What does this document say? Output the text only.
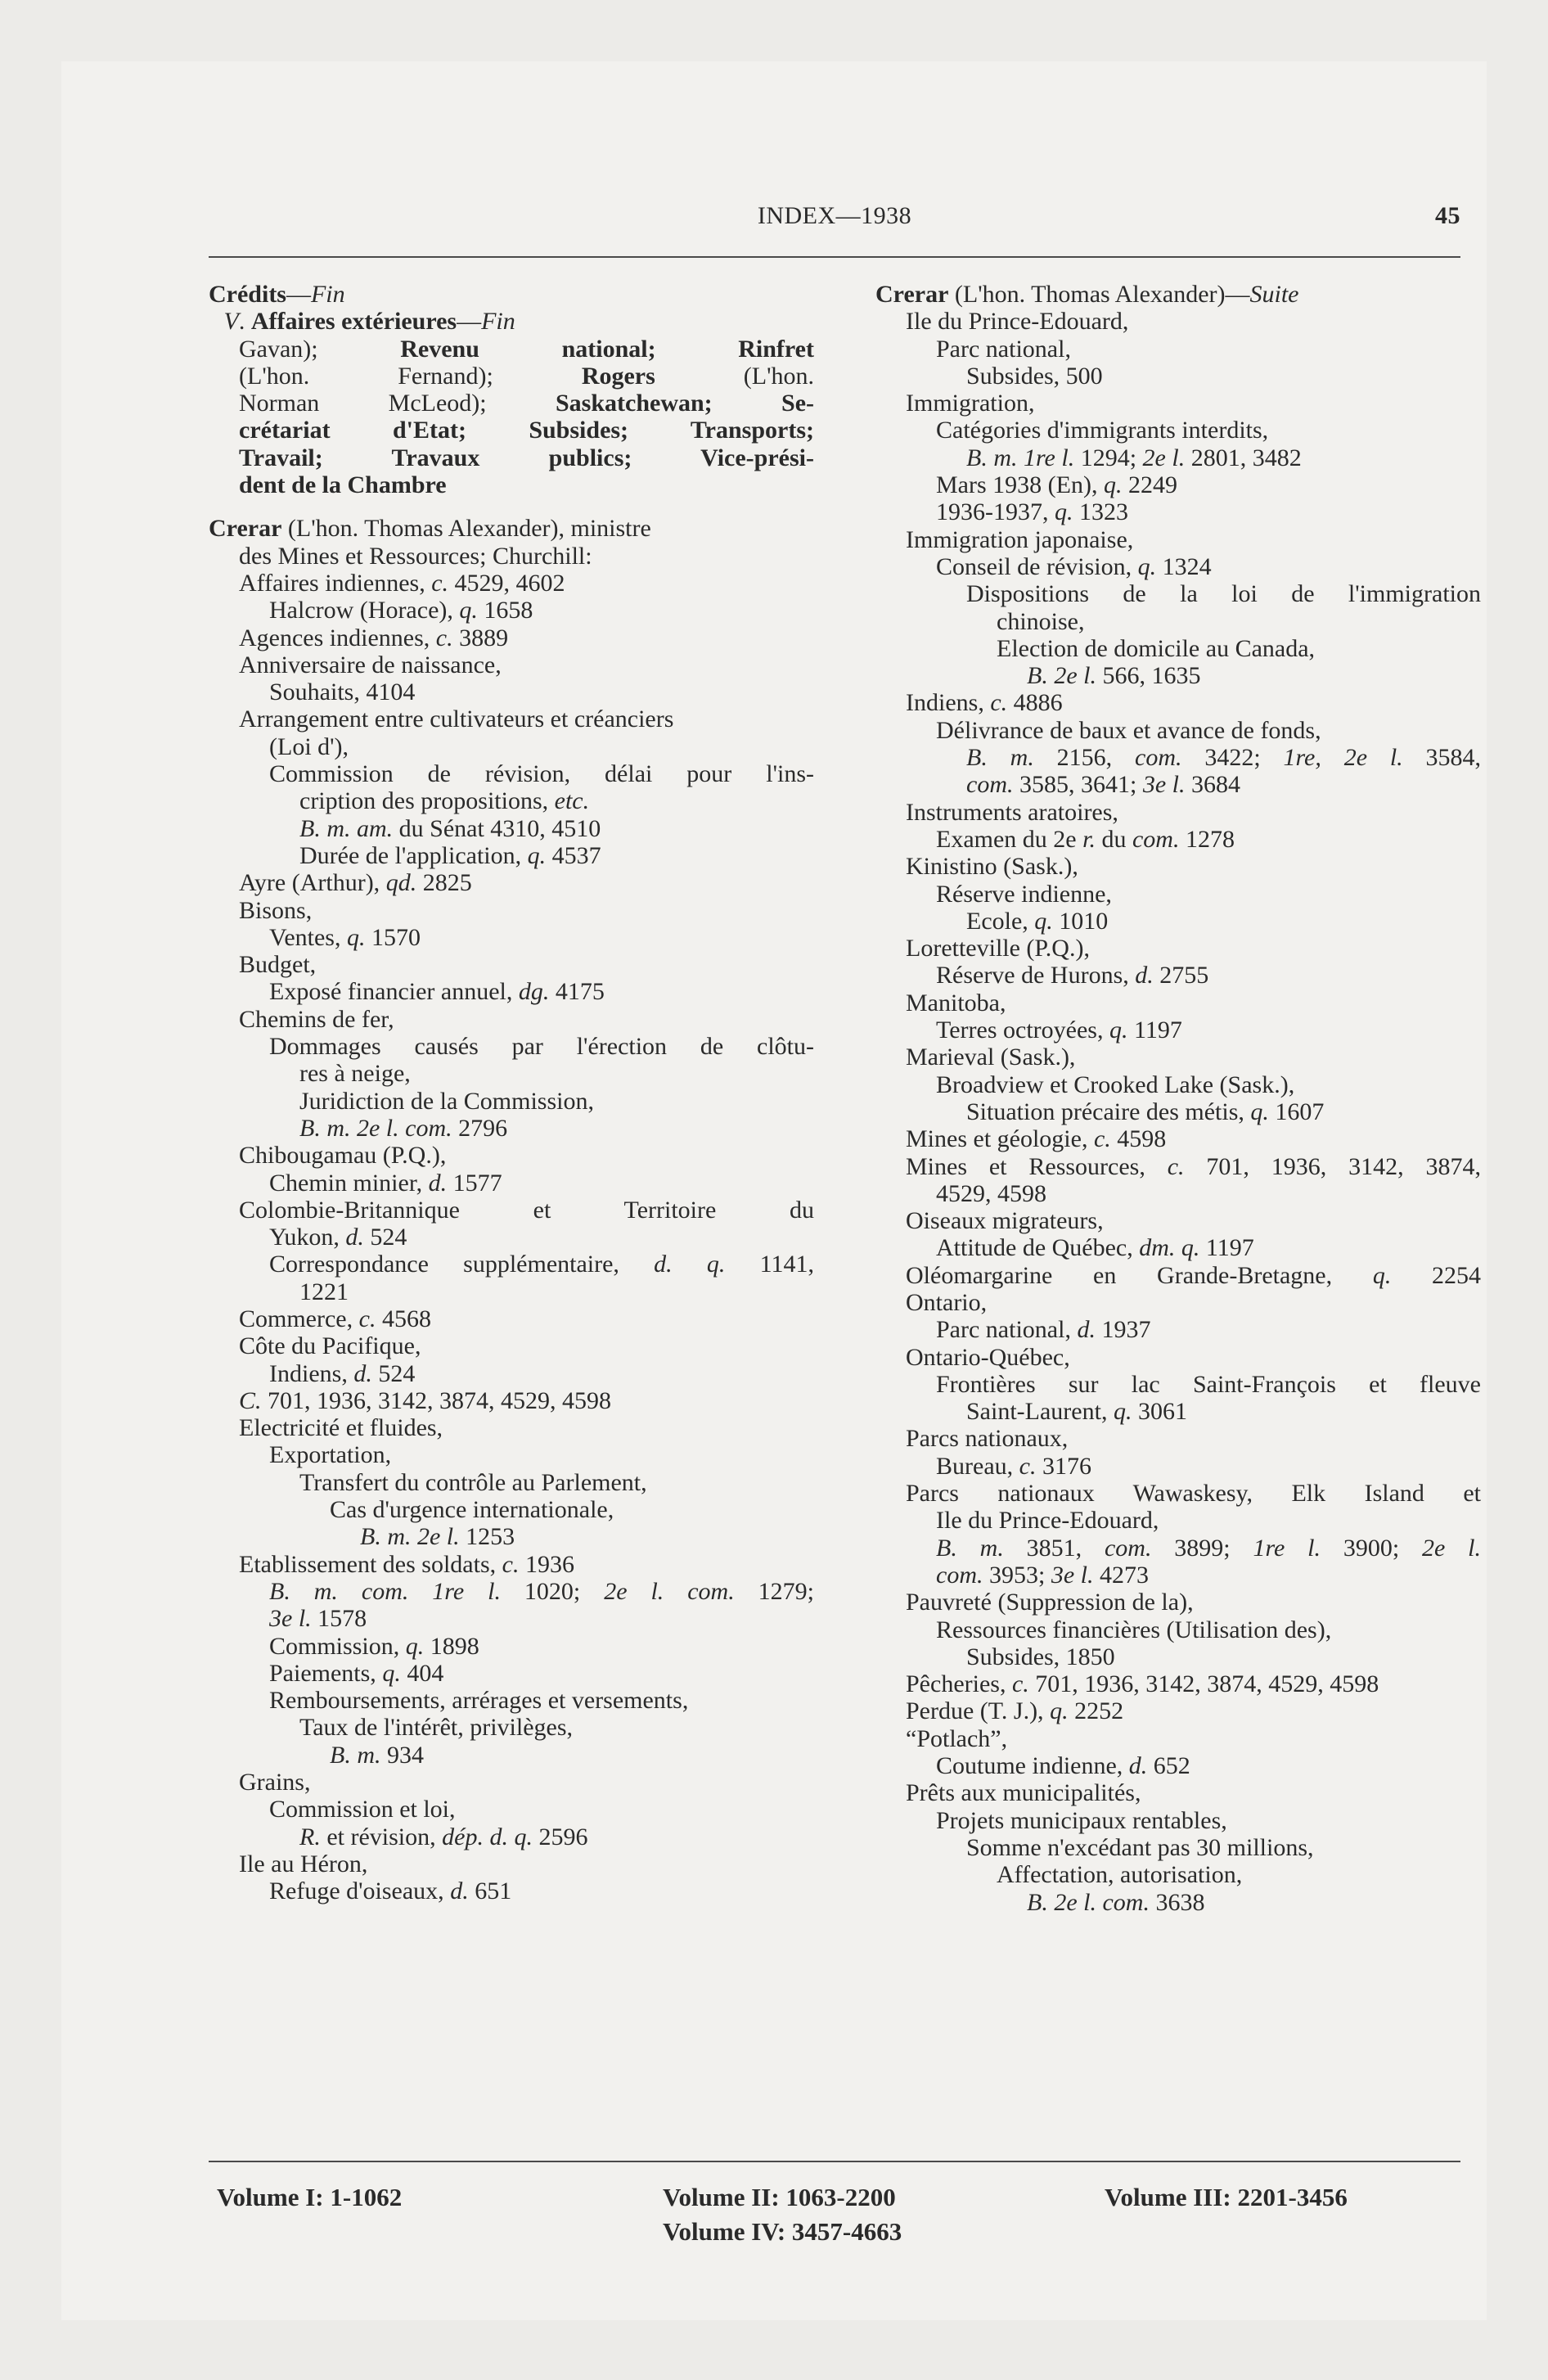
INDEX—1938	45
Crédits—Fin
V. Affaires extérieures—Fin
Gavan); Revenu national; Rinfret
(L'hon. Fernand); Rogers (L'hon.
Norman McLeod); Saskatchewan; Se-
crétariat d'Etat; Subsides; Transports;
Travail; Travaux publics; Vice-prési-
dent de la Chambre
Crerar (L'hon. Thomas Alexander), ministre
des Mines et Ressources; Churchill:
Affaires indiennes, c. 4529, 4602
Halcrow (Horace), q. 1658
Agences indiennes, c. 3889
Anniversaire de naissance,
Souhaits, 4104
Arrangement entre cultivateurs et créanciers
(Loi d'),
Commission de révision, délai pour l'ins-
cription des propositions, etc.
B. m. am. du Sénat 4310, 4510
Durée de l'application, q. 4537
Ayre (Arthur), qd. 2825
Bisons,
Ventes, q. 1570
Budget,
Exposé financier annuel, dg. 4175
Chemins de fer,
Dommages causés par l'érection de clôtu-
res à neige,
Juridiction de la Commission,
B. m. 2e l. com. 2796
Chibougamau (P.Q.),
Chemin minier, d. 1577
Colombie-Britannique et Territoire du
Yukon, d. 524
Correspondance supplémentaire, d. q. 1141,
1221
Commerce, c. 4568
Côte du Pacifique,
Indiens, d. 524
C. 701, 1936, 3142, 3874, 4529, 4598
Electricité et fluides,
Exportation,
Transfert du contrôle au Parlement,
Cas d'urgence internationale,
B. m. 2e l. 1253
Etablissement des soldats, c. 1936
B. m. com. 1re l. 1020; 2e l. com. 1279;
3e l. 1578
Commission, q. 1898
Paiements, q. 404
Remboursements, arrérages et versements,
Taux de l'intérêt, privilèges,
B. m. 934
Grains,
Commission et loi,
R. et révision, dép. d. q. 2596
Ile au Héron,
Refuge d'oiseaux, d. 651
Crerar (L'hon. Thomas Alexander)—Suite
Ile du Prince-Edouard,
Parc national,
Subsides, 500
Immigration,
Catégories d'immigrants interdits,
B. m. 1re l. 1294; 2e l. 2801, 3482
Mars 1938 (En), q. 2249
1936-1937, q. 1323
Immigration japonaise,
Conseil de révision, q. 1324
Dispositions de la loi de l'immigration
chinoise,
Election de domicile au Canada,
B. 2e l. 566, 1635
Indiens, c. 4886
Délivrance de baux et avance de fonds,
B. m. 2156, com. 3422; 1re, 2e l. 3584,
com. 3585, 3641; 3e l. 3684
Instruments aratoires,
Examen du 2e r. du com. 1278
Kinistino (Sask.),
Réserve indienne,
Ecole, q. 1010
Loretteville (P.Q.),
Réserve de Hurons, d. 2755
Manitoba,
Terres octroyées, q. 1197
Marieval (Sask.),
Broadview et Crooked Lake (Sask.),
Situation précaire des métis, q. 1607
Mines et géologie, c. 4598
Mines et Ressources, c. 701, 1936, 3142, 3874,
4529, 4598
Oiseaux migrateurs,
Attitude de Québec, dm. q. 1197
Oléomargarine en Grande-Bretagne, q. 2254
Ontario,
Parc national, d. 1937
Ontario-Québec,
Frontières sur lac Saint-François et fleuve
Saint-Laurent, q. 3061
Parcs nationaux,
Bureau, c. 3176
Parcs nationaux Wawaskesy, Elk Island et
Ile du Prince-Edouard,
B. m. 3851, com. 3899; 1re l. 3900; 2e l.
com. 3953; 3e l. 4273
Pauvreté (Suppression de la),
Ressources financières (Utilisation des),
Subsides, 1850
Pêcheries, c. 701, 1936, 3142, 3874, 4529, 4598
Perdue (T. J.), q. 2252
“Potlach”,
Coutume indienne, d. 652
Prêts aux municipalités,
Projets municipaux rentables,
Somme n'excédant pas 30 millions,
Affectation, autorisation,
B. 2e l. com. 3638
Volume I: 1-1062	Volume II: 1063-2200	Volume III: 2201-3456
Volume IV: 3457-4663
